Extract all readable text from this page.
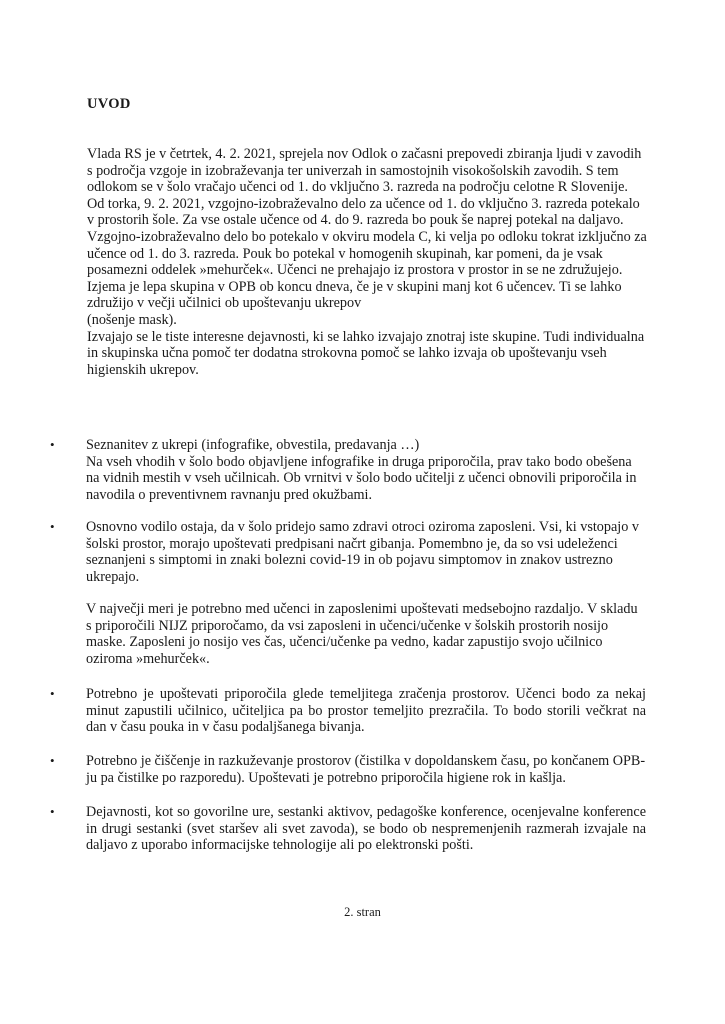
UVOD
Vlada RS je v četrtek, 4. 2. 2021, sprejela nov Odlok o začasni prepovedi zbiranja ljudi v zavodih s področja vzgoje in izobraževanja ter univerzah in samostojnih visokošolskih zavodih. S tem odlokom se v šolo vračajo učenci od 1. do vključno 3. razreda na področju celotne R Slovenije. Od torka, 9. 2. 2021, vzgojno-izobraževalno delo za učence od 1. do vključno 3. razreda potekalo v prostorih šole. Za vse ostale učence od 4. do 9. razreda bo pouk še naprej potekal na daljavo.
Vzgojno-izobraževalno delo bo potekalo v okviru modela C, ki velja po odloku tokrat izključno za učence od 1. do 3. razreda. Pouk bo potekal v homogenih skupinah, kar pomeni, da je vsak posamezni oddelek »mehurček«. Učenci ne prehajajo iz prostora v prostor in se ne združujejo. Izjema je lepa skupina v OPB ob koncu dneva, če je v skupini manj kot 6 učencev. Ti se lahko združijo v večji učilnici ob upoštevanju ukrepov
(nošenje mask).
Izvajajo se le tiste interesne dejavnosti, ki se lahko izvajajo znotraj iste skupine. Tudi individualna in skupinska učna pomoč ter dodatna strokovna pomoč se lahko izvaja ob upoštevanju vseh higienskih ukrepov.
•	Seznanitev z ukrepi (infografike, obvestila, predavanja …)
Na vseh vhodih v šolo bodo objavljene infografike in druga priporočila, prav tako bodo obešena na vidnih mestih v vseh učilnicah. Ob vrnitvi v šolo bodo učitelji z učenci obnovili priporočila in navodila o preventivnem ravnanju pred okužbami.
•	Osnovno vodilo ostaja, da v šolo pridejo samo zdravi otroci oziroma zaposleni. Vsi, ki vstopajo v šolski prostor, morajo upoštevati predpisani načrt gibanja. Pomembno je, da so vsi udeleženci seznanjeni s simptomi in znaki bolezni covid-19 in ob pojavu simptomov in znakov ustrezno ukrepajo.

V največji meri je potrebno med učenci in zaposlenimi upoštevati medsebojno razdaljo. V skladu s priporočili NIJZ priporočamo, da vsi zaposleni in učenci/učenke v šolskih prostorih nosijo maske. Zaposleni jo nosijo ves čas, učenci/učenke pa vedno, kadar zapustijo svojo učilnico oziroma »mehurček«.

•	Potrebno je upoštevati priporočila glede temeljitega zračenja prostorov. Učenci bodo za nekaj minut zapustili učilnico, učiteljica pa bo prostor temeljito prezračila. To bodo storili večkrat na dan v času pouka in v času podaljšanega bivanja.
•	Potrebno je čiščenje in razkuževanje prostorov (čistilka v dopoldanskem času, po končanem OPB-ju pa čistilke po razporedu). Upoštevati je potrebno priporočila higiene rok in kašlja.
•	Dejavnosti, kot so govorilne ure, sestanki aktivov, pedagoške konference, ocenjevalne konference in drugi sestanki (svet staršev ali svet zavoda), se bodo ob nespremenjenih razmerah izvajale na daljavo z uporabo informacijske tehnologije ali po elektronski pošti.

2. stran
